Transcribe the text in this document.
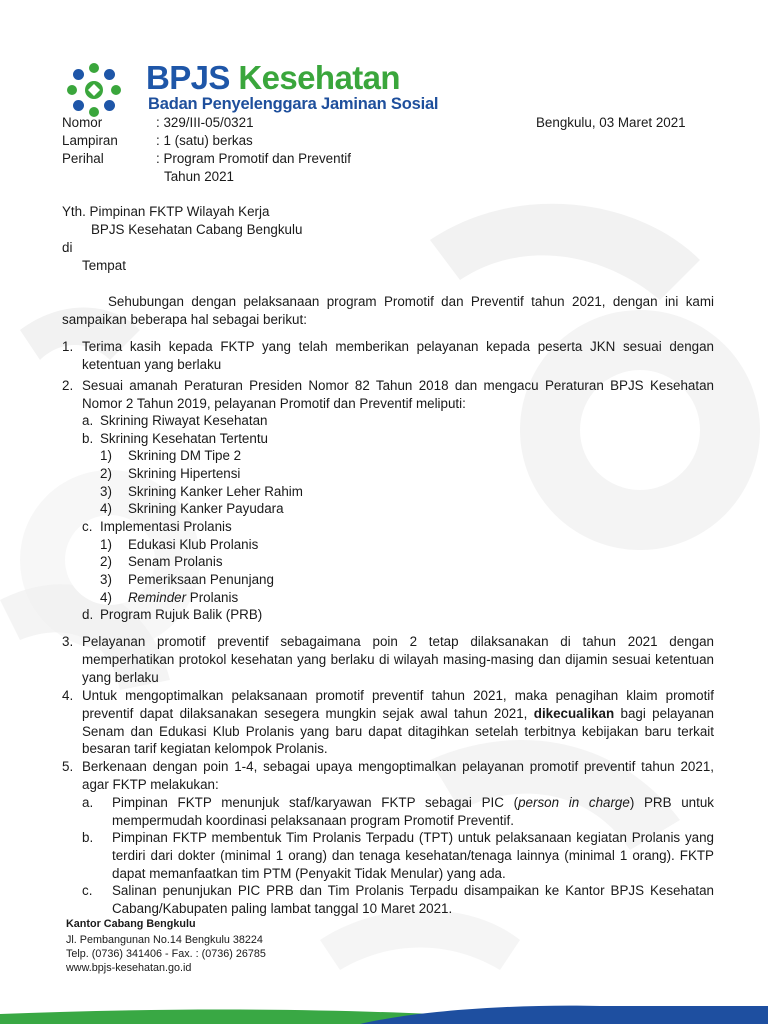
BPJS Kesehatan
Badan Penyelenggara Jaminan Sosial
Nomor	: 329/III-05/0321	Bengkulu, 03 Maret 2021
Lampiran	: 1 (satu) berkas
Perihal	: Program Promotif dan Preventif
Tahun 2021
Yth. Pimpinan FKTP Wilayah Kerja
BPJS Kesehatan Cabang Bengkulu
di
Tempat
Sehubungan dengan pelaksanaan program Promotif dan Preventif tahun 2021, dengan ini kami sampaikan beberapa hal sebagai berikut:
1. Terima kasih kepada FKTP yang telah memberikan pelayanan kepada peserta JKN sesuai dengan ketentuan yang berlaku
2. Sesuai amanah Peraturan Presiden Nomor 82 Tahun 2018 dan mengacu Peraturan BPJS Kesehatan Nomor 2 Tahun 2019, pelayanan Promotif dan Preventif meliputi:
a. Skrining Riwayat Kesehatan
b. Skrining Kesehatan Tertentu
1) Skrining DM Tipe 2
2) Skrining Hipertensi
3) Skrining Kanker Leher Rahim
4) Skrining Kanker Payudara
c. Implementasi Prolanis
1) Edukasi Klub Prolanis
2) Senam Prolanis
3) Pemeriksaan Penunjang
4) Reminder Prolanis
d. Program Rujuk Balik (PRB)
3. Pelayanan promotif preventif sebagaimana poin 2 tetap dilaksanakan di tahun 2021 dengan memperhatikan protokol kesehatan yang berlaku di wilayah masing-masing dan dijamin sesuai ketentuan yang berlaku
4. Untuk mengoptimalkan pelaksanaan promotif preventif tahun 2021, maka penagihan klaim promotif preventif dapat dilaksanakan sesegera mungkin sejak awal tahun 2021, dikecualikan bagi pelayanan Senam dan Edukasi Klub Prolanis yang baru dapat ditagihkan setelah terbitnya kebijakan baru terkait besaran tarif kegiatan kelompok Prolanis.
5. Berkenaan dengan poin 1-4, sebagai upaya mengoptimalkan pelayanan promotif preventif tahun 2021, agar FKTP melakukan:
a. Pimpinan FKTP menunjuk staf/karyawan FKTP sebagai PIC (person in charge) PRB untuk mempermudah koordinasi pelaksanaan program Promotif Preventif.
b. Pimpinan FKTP membentuk Tim Prolanis Terpadu (TPT) untuk pelaksanaan kegiatan Prolanis yang terdiri dari dokter (minimal 1 orang) dan tenaga kesehatan/tenaga lainnya (minimal 1 orang). FKTP dapat memanfaatkan tim PTM (Penyakit Tidak Menular) yang ada.
c. Salinan penunjukan PIC PRB dan Tim Prolanis Terpadu disampaikan ke Kantor BPJS Kesehatan Cabang/Kabupaten paling lambat tanggal 10 Maret 2021.
Kantor Cabang Bengkulu
Jl. Pembangunan No.14 Bengkulu 38224
Telp. (0736) 341406 - Fax. : (0736) 26785
www.bpjs-kesehatan.go.id
